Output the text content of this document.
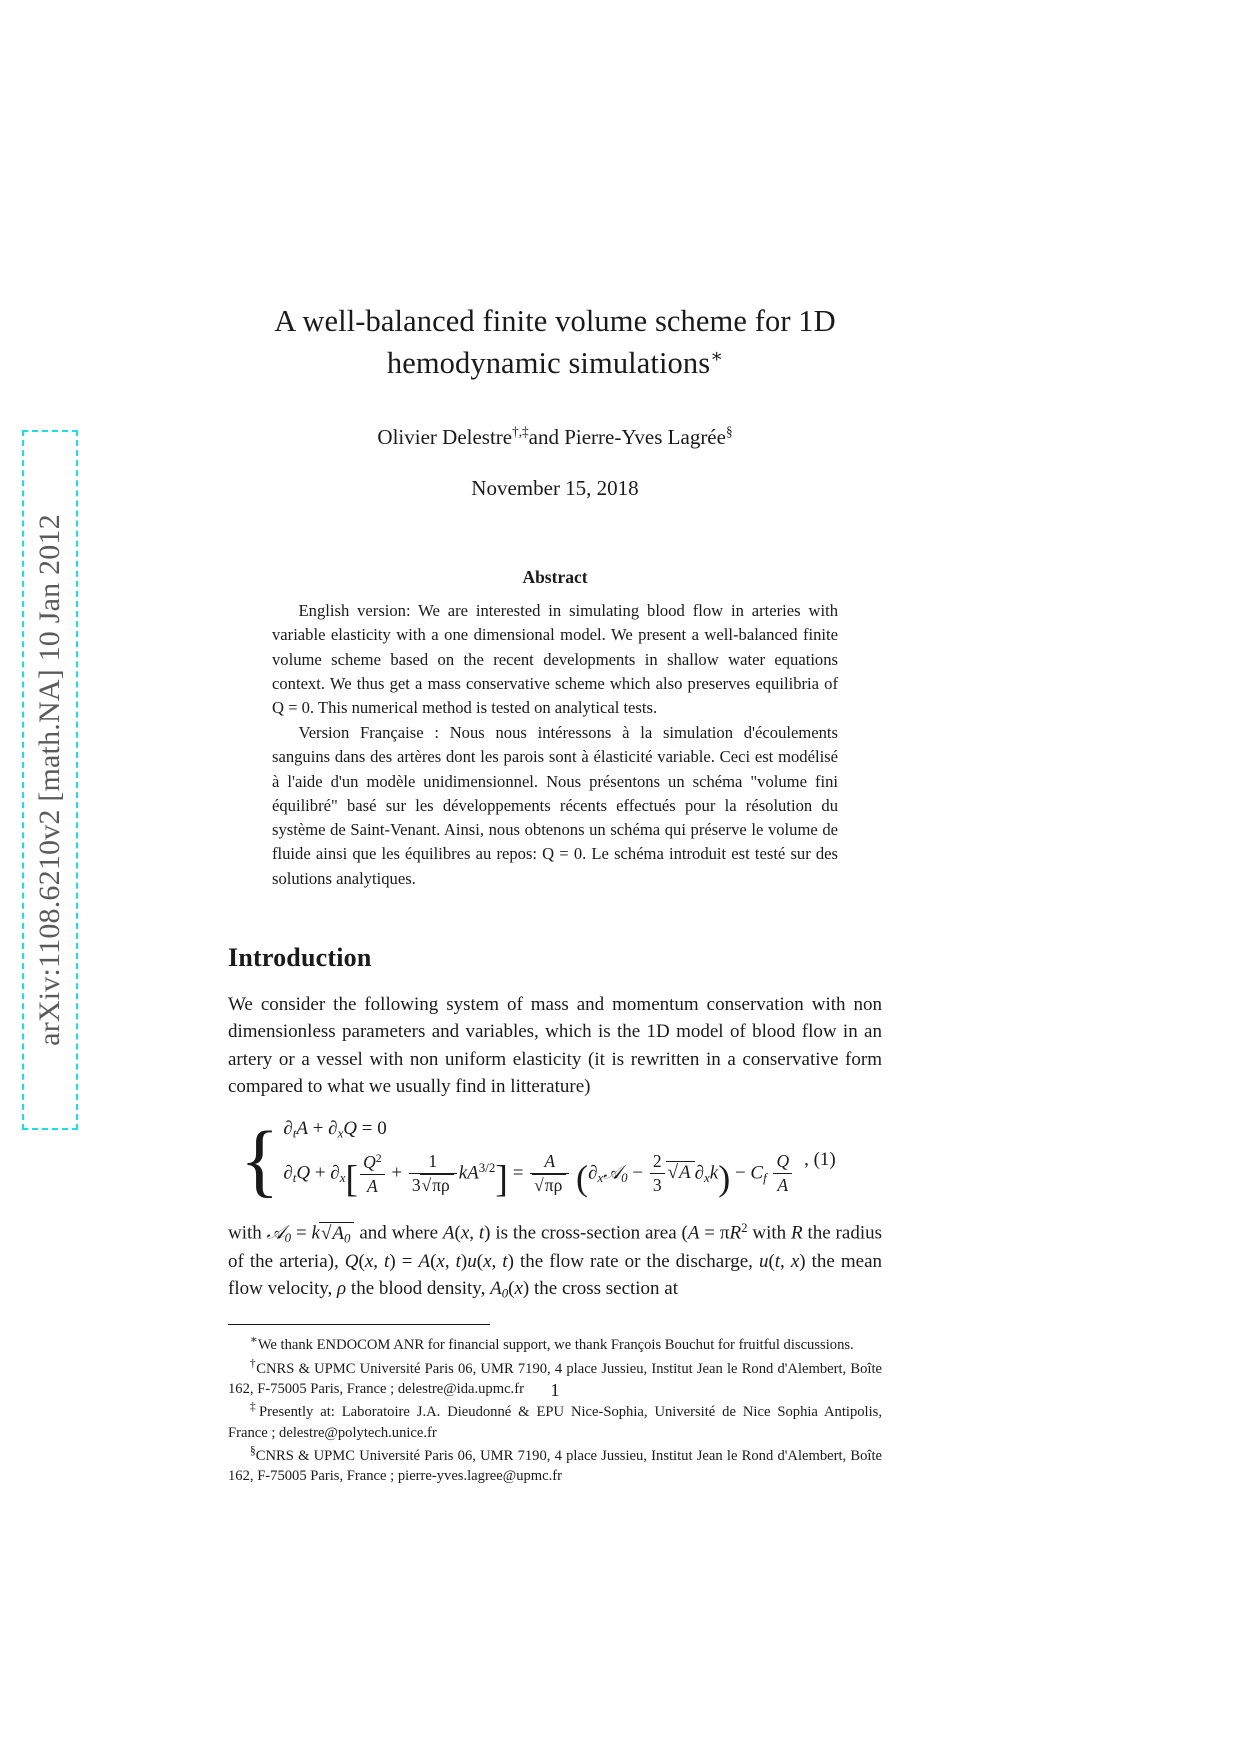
arXiv:1108.6210v2 [math.NA] 10 Jan 2012
A well-balanced finite volume scheme for 1D
hemodynamic simulations∗
Olivier Delestre†,‡and Pierre-Yves Lagrée§
November 15, 2018
Abstract

English version: We are interested in simulating blood flow in arteries with variable elasticity with a one dimensional model. We present a well-balanced finite volume scheme based on the recent developments in shallow water equations context. We thus get a mass conservative scheme which also preserves equilibria of Q = 0. This numerical method is tested on analytical tests.

Version Française : Nous nous intéressons à la simulation d'écoulements sanguins dans des artères dont les parois sont à élasticité variable. Ceci est modélisé à l'aide d'un modèle unidimensionnel. Nous présentons un schéma "volume fini équilibré" basé sur les développements récents effectués pour la résolution du système de Saint-Venant. Ainsi, nous obtenons un schéma qui préserve le volume de fluide ainsi que les équilibres au repos: Q = 0. Le schéma introduit est testé sur des solutions analytiques.

Introduction

We consider the following system of mass and momentum conservation with non dimensionless parameters and variables, which is the 1D model of blood flow in an artery or a vessel with non uniform elasticity (it is rewritten in a conservative form compared to what we usually find in litterature)

{ $\partial_tA + \partial_xQ = 0$
$\partial_tQ + \partial_x[ \frac{Q^2}{A} + \frac{1}{3√\pi\rho} kA^{3/2}] = \frac{A}{√\pi\rho}$ ($\partial_x𝒜_0 - \frac{2}{3} √A$ $\partial_xk) - C_f \frac{Q}{A}$ , (1)

with 𝒜$_0$ = $k√A_0$ and where A(x, t) is the cross-section area ($A = \pi R^2$ with R the radius of the arteria), Q(x, t) = A(x, t)u(x, t) the flow rate or the discharge, u(t, x) the mean flow velocity, ρ the blood density, $A_0(x)$ the cross section at

∗We thank ENDOCOM ANR for financial support, we thank François Bouchut for fruitful discussions.

†CNRS & UPMC Université Paris 06, UMR 7190, 4 place Jussieu, Institut Jean le Rond d'Alembert, Boîte 162, F-75005 Paris, France ; delestre@ida.upmc.fr

‡Presently at: Laboratoire J.A. Dieudonné & EPU Nice-Sophia, Université de Nice Sophia Antipolis, France ; delestre@polytech.unice.fr

§CNRS & UPMC Université Paris 06, UMR 7190, 4 place Jussieu, Institut Jean le Rond d'Alembert, Boîte 162, F-75005 Paris, France ; pierre-yves.lagree@upmc.fr

1
